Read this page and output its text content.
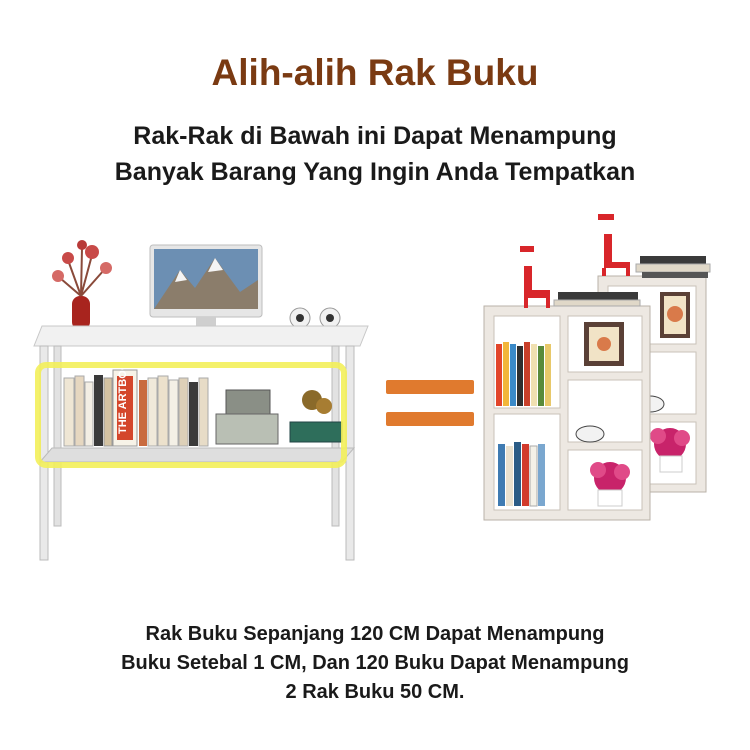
Alih-alih Rak Buku
Rak-Rak di Bawah ini Dapat Menampung
Banyak Barang Yang Ingin Anda Tempatkan
THE ARTBOOK
Rak Buku Sepanjang 120 CM Dapat Menampung
Buku Setebal 1 CM, Dan 120 Buku Dapat Menampung
2 Rak Buku 50 CM.
